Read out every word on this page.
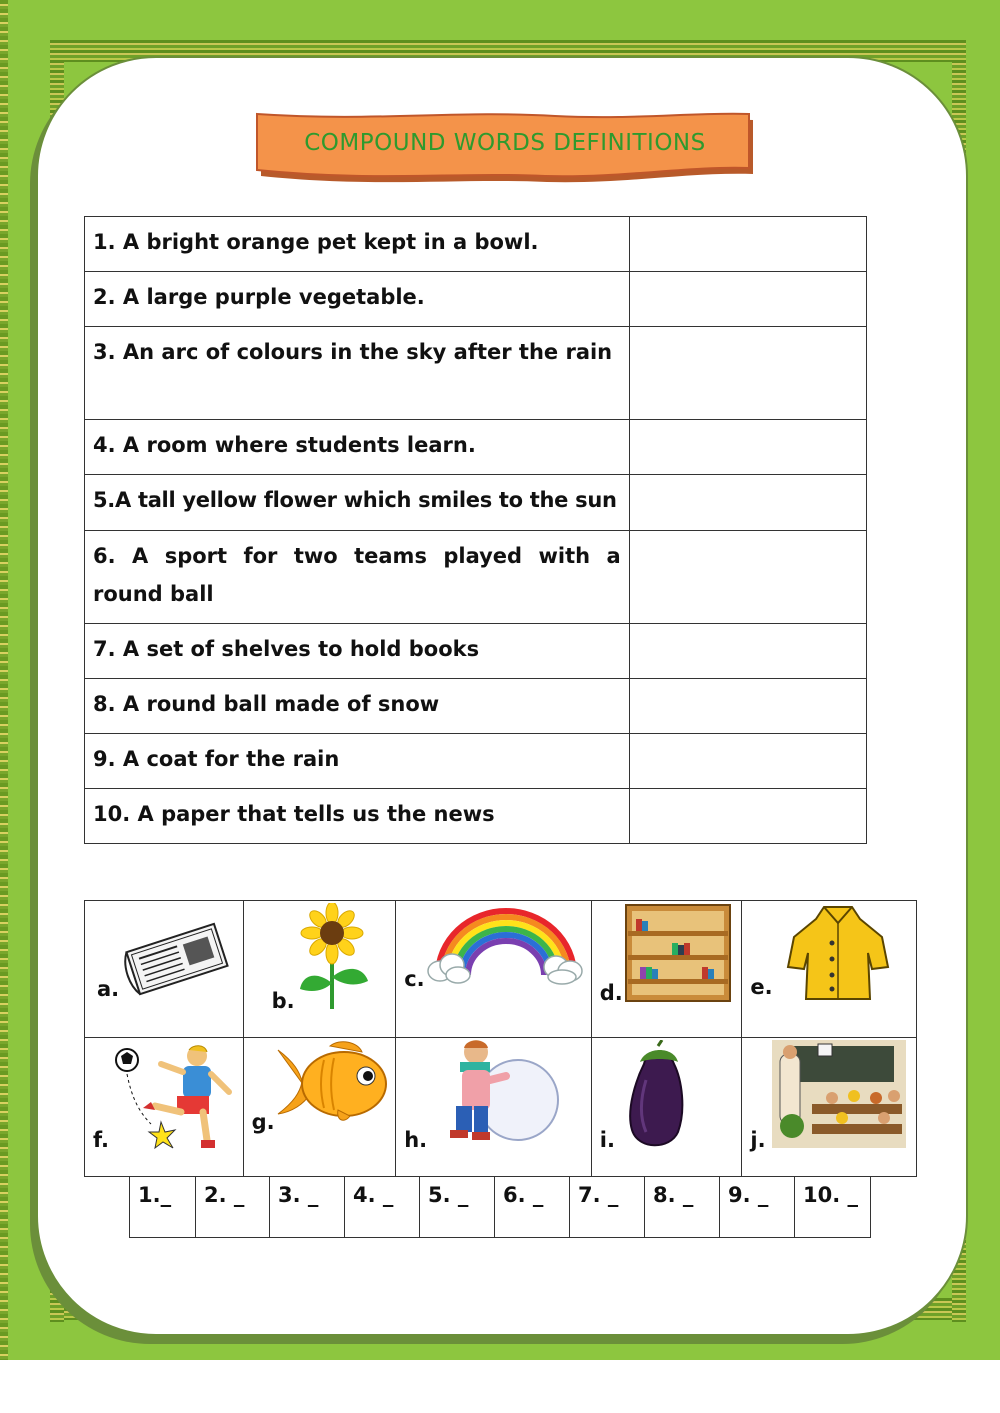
COMPOUND WORDS DEFINITIONS
1. A bright orange pet kept in a bowl.	
2. A large purple vegetable.	
3. An arc of colours in the sky after the rain	
4. A room where students learn.	
5.A tall yellow flower which smiles to the sun	
6. A sport for two teams played with a round ball	
7. A set of shelves to hold books	
8. A round ball made of snow	
9. A coat for the rain	
10. A paper that tells us the news	
a.	b.	c.	d.	e.

f.	g.	h.	i.	j.
1._	2. _	3. _	4. _	5. _	6. _	7. _	8. _	9. _	10. _
